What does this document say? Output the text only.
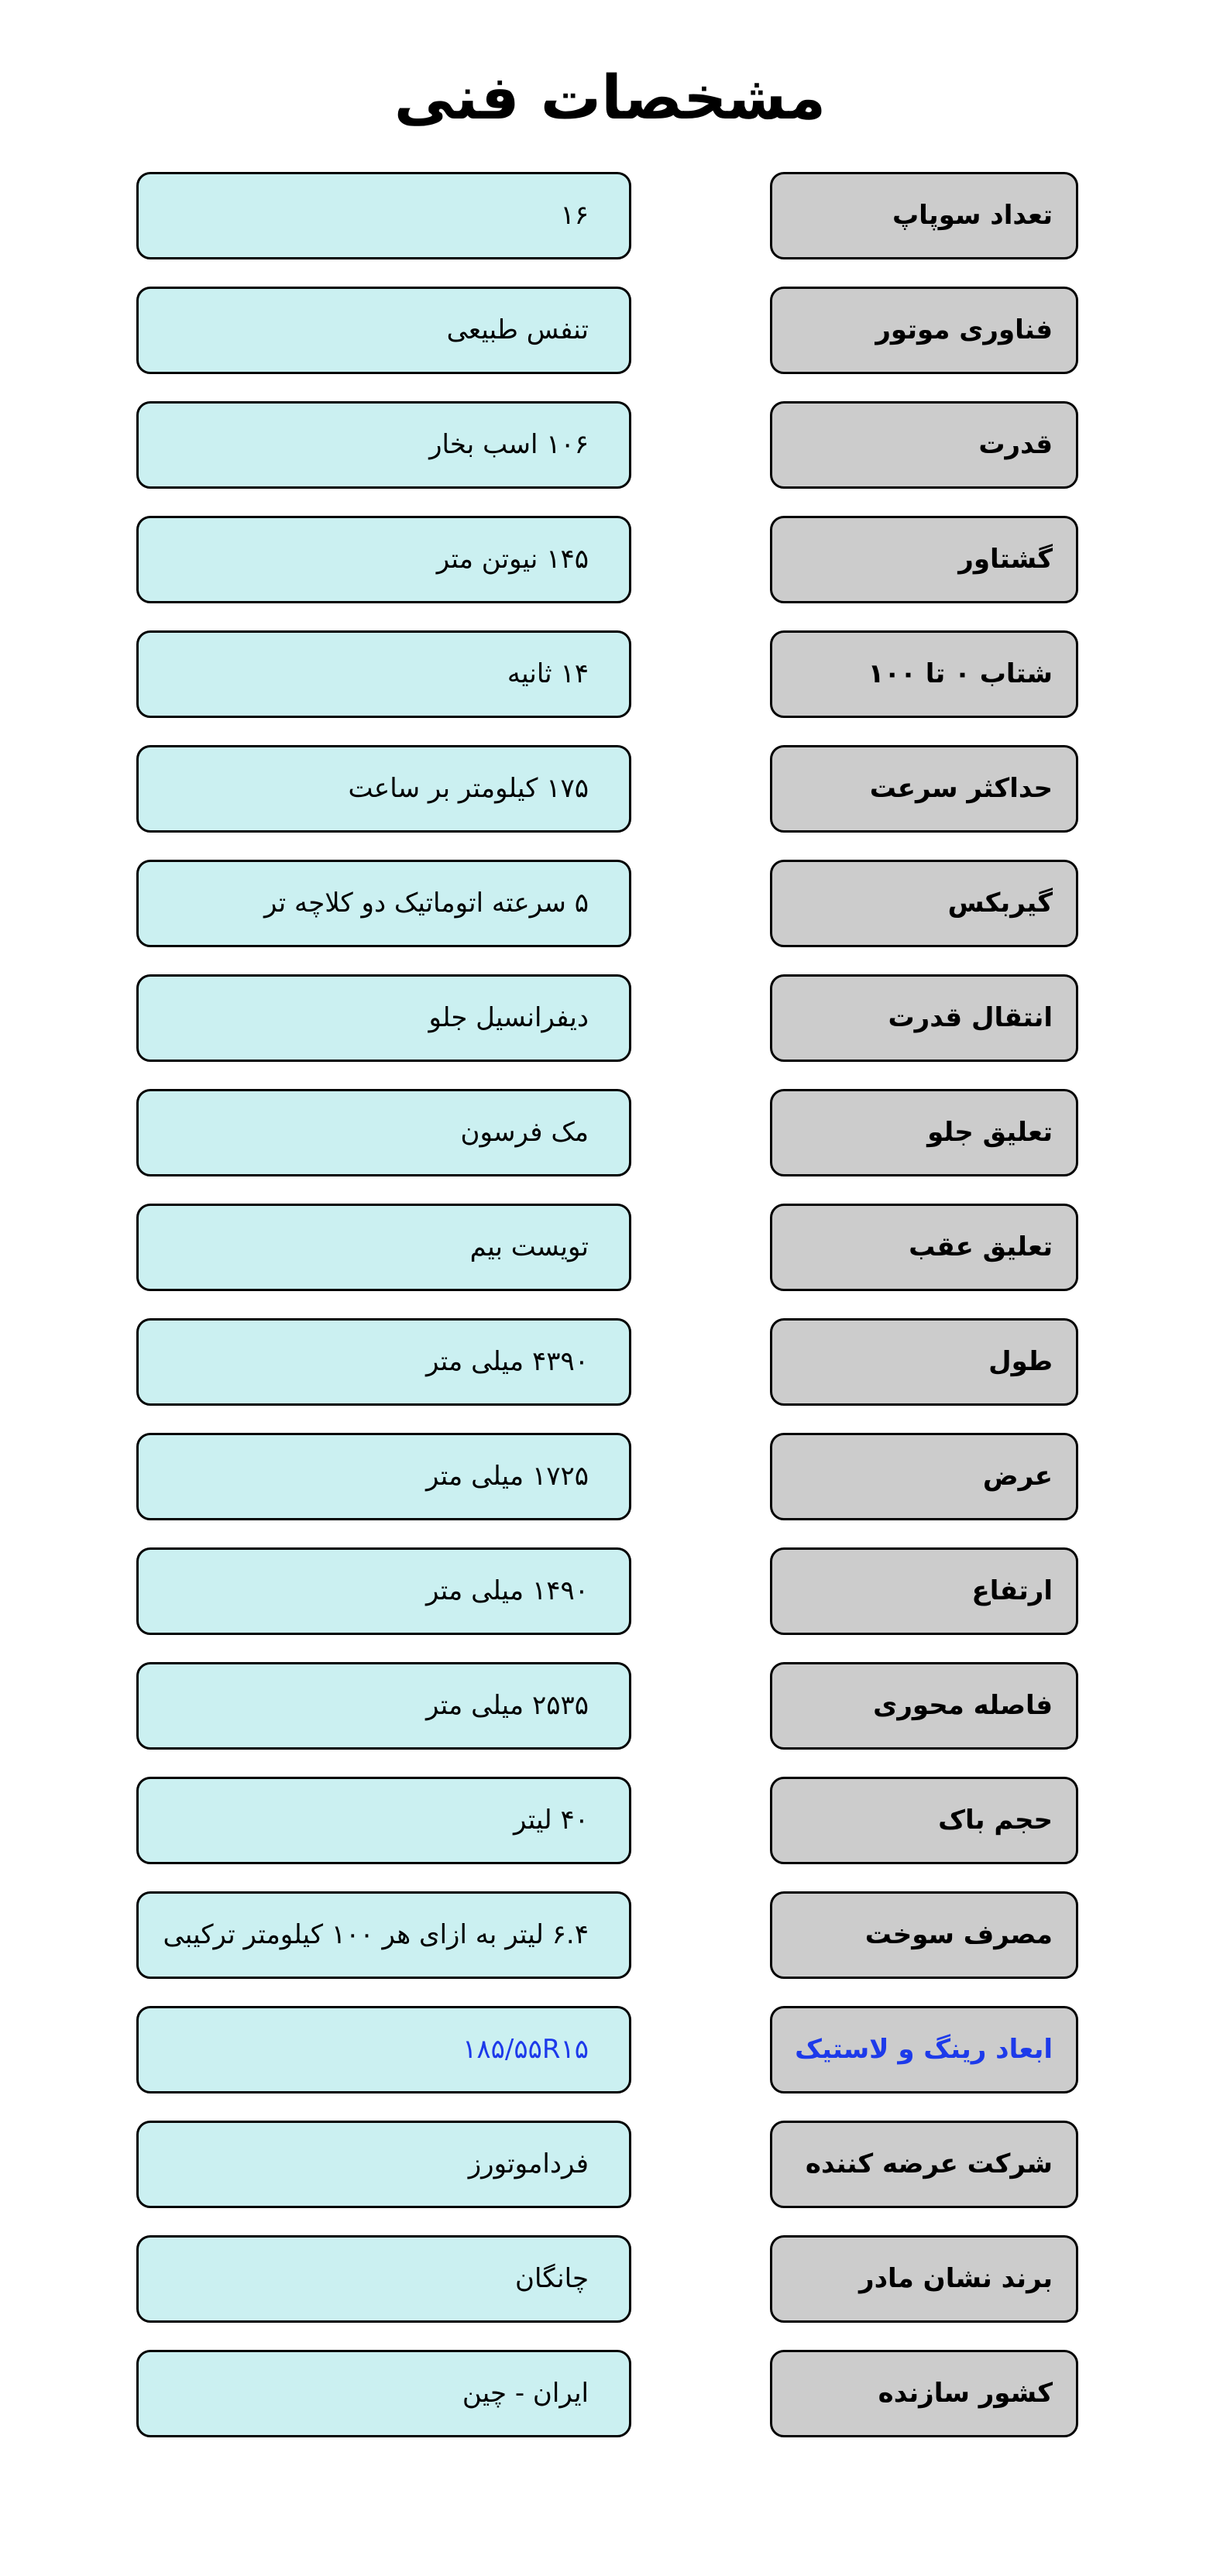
مشخصات فنی
تعداد سوپاپ
۱۶
فناوری موتور
تنفس طبیعی
قدرت
۱۰۶ اسب بخار
گشتاور
۱۴۵ نیوتن متر
شتاب ۰ تا ۱۰۰
۱۴ ثانیه
حداکثر سرعت
۱۷۵ کیلومتر بر ساعت
گیربکس
۵ سرعته اتوماتیک دو کلاچه تر
انتقال قدرت
دیفرانسیل جلو
تعلیق جلو
مک فرسون
تعلیق عقب
تویست بیم
طول
۴۳۹۰ میلی متر
عرض
۱۷۲۵ میلی متر
ارتفاع
۱۴۹۰ میلی متر
فاصله محوری
۲۵۳۵ میلی متر
حجم باک
۴۰ لیتر
مصرف سوخت
۶.۴ لیتر به ازای هر ۱۰۰ کیلومتر ترکیبی
ابعاد رینگ و لاستیک
۱۸۵/۵۵R۱۵
شرکت عرضه کننده
فرداموتورز
برند نشان مادر
چانگان
کشور سازنده
ایران - چین
